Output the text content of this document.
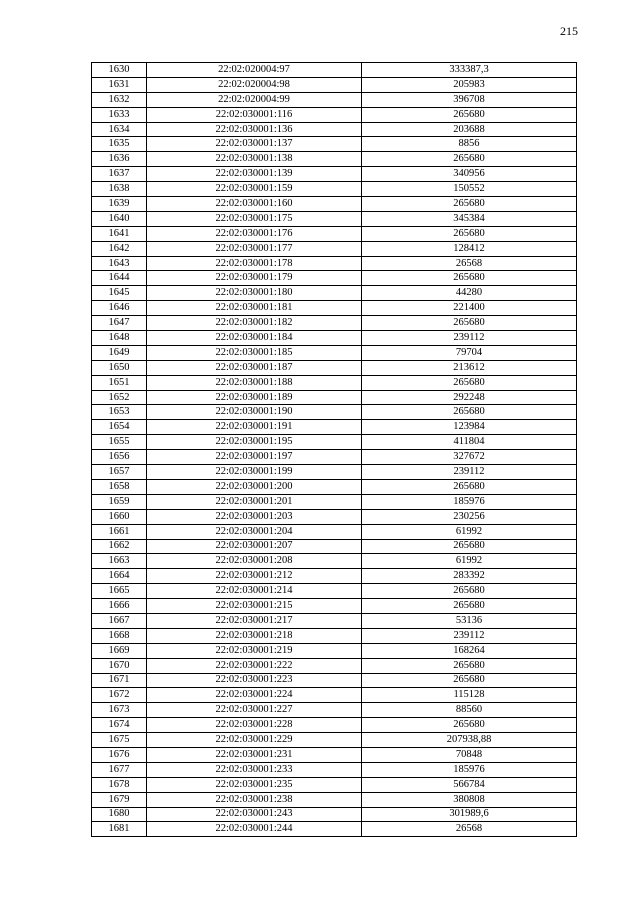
215
1630	22:02:020004:97	333387,3
1631	22:02:020004:98	205983
1632	22:02:020004:99	396708
1633	22:02:030001:116	265680
1634	22:02:030001:136	203688
1635	22:02:030001:137	8856
1636	22:02:030001:138	265680
1637	22:02:030001:139	340956
1638	22:02:030001:159	150552
1639	22:02:030001:160	265680
1640	22:02:030001:175	345384
1641	22:02:030001:176	265680
1642	22:02:030001:177	128412
1643	22:02:030001:178	26568
1644	22:02:030001:179	265680
1645	22:02:030001:180	44280
1646	22:02:030001:181	221400
1647	22:02:030001:182	265680
1648	22:02:030001:184	239112
1649	22:02:030001:185	79704
1650	22:02:030001:187	213612
1651	22:02:030001:188	265680
1652	22:02:030001:189	292248
1653	22:02:030001:190	265680
1654	22:02:030001:191	123984
1655	22:02:030001:195	411804
1656	22:02:030001:197	327672
1657	22:02:030001:199	239112
1658	22:02:030001:200	265680
1659	22:02:030001:201	185976
1660	22:02:030001:203	230256
1661	22:02:030001:204	61992
1662	22:02:030001:207	265680
1663	22:02:030001:208	61992
1664	22:02:030001:212	283392
1665	22:02:030001:214	265680
1666	22:02:030001:215	265680
1667	22:02:030001:217	53136
1668	22:02:030001:218	239112
1669	22:02:030001:219	168264
1670	22:02:030001:222	265680
1671	22:02:030001:223	265680
1672	22:02:030001:224	115128
1673	22:02:030001:227	88560
1674	22:02:030001:228	265680
1675	22:02:030001:229	207938,88
1676	22:02:030001:231	70848
1677	22:02:030001:233	185976
1678	22:02:030001:235	566784
1679	22:02:030001:238	380808
1680	22:02:030001:243	301989,6
1681	22:02:030001:244	26568
